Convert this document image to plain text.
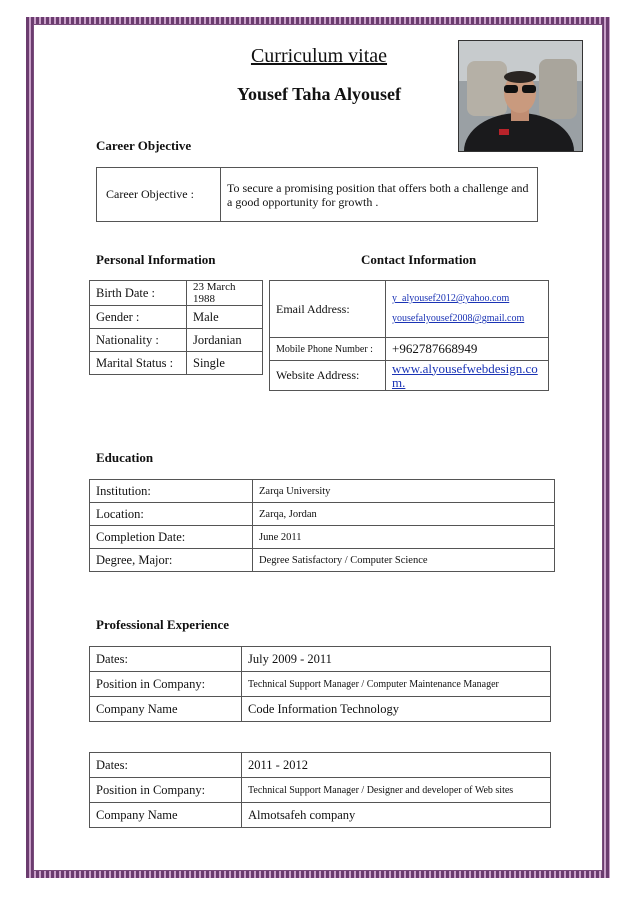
Curriculum vitae
Yousef Taha Alyousef
Career Objective
Career Objective :	To secure a promising position that offers both a challenge and a good opportunity for growth .
Personal Information
Birth Date :	23 March 1988
Gender :	Male
Nationality :	Jordanian
Marital Status :	Single
Contact Information
Email Address:	y_alyousef2012@yahoo.com
yousefalyousef2008@gmail.com

Mobile Phone Number :	+962787668949
Website Address:	www.alyousefwebdesign.com.
Education
Institution:	Zarqa University
Location:	Zarqa, Jordan
Completion Date:	June 2011
Degree, Major:	Degree Satisfactory / Computer Science
Professional Experience
Dates:	July 2009 - 2011
Position in Company:	Technical Support Manager / Computer Maintenance Manager
Company Name	Code Information Technology
Dates:	2011 - 2012
Position in Company:	Technical Support Manager / Designer and developer of Web sites
Company Name	Almotsafeh company
